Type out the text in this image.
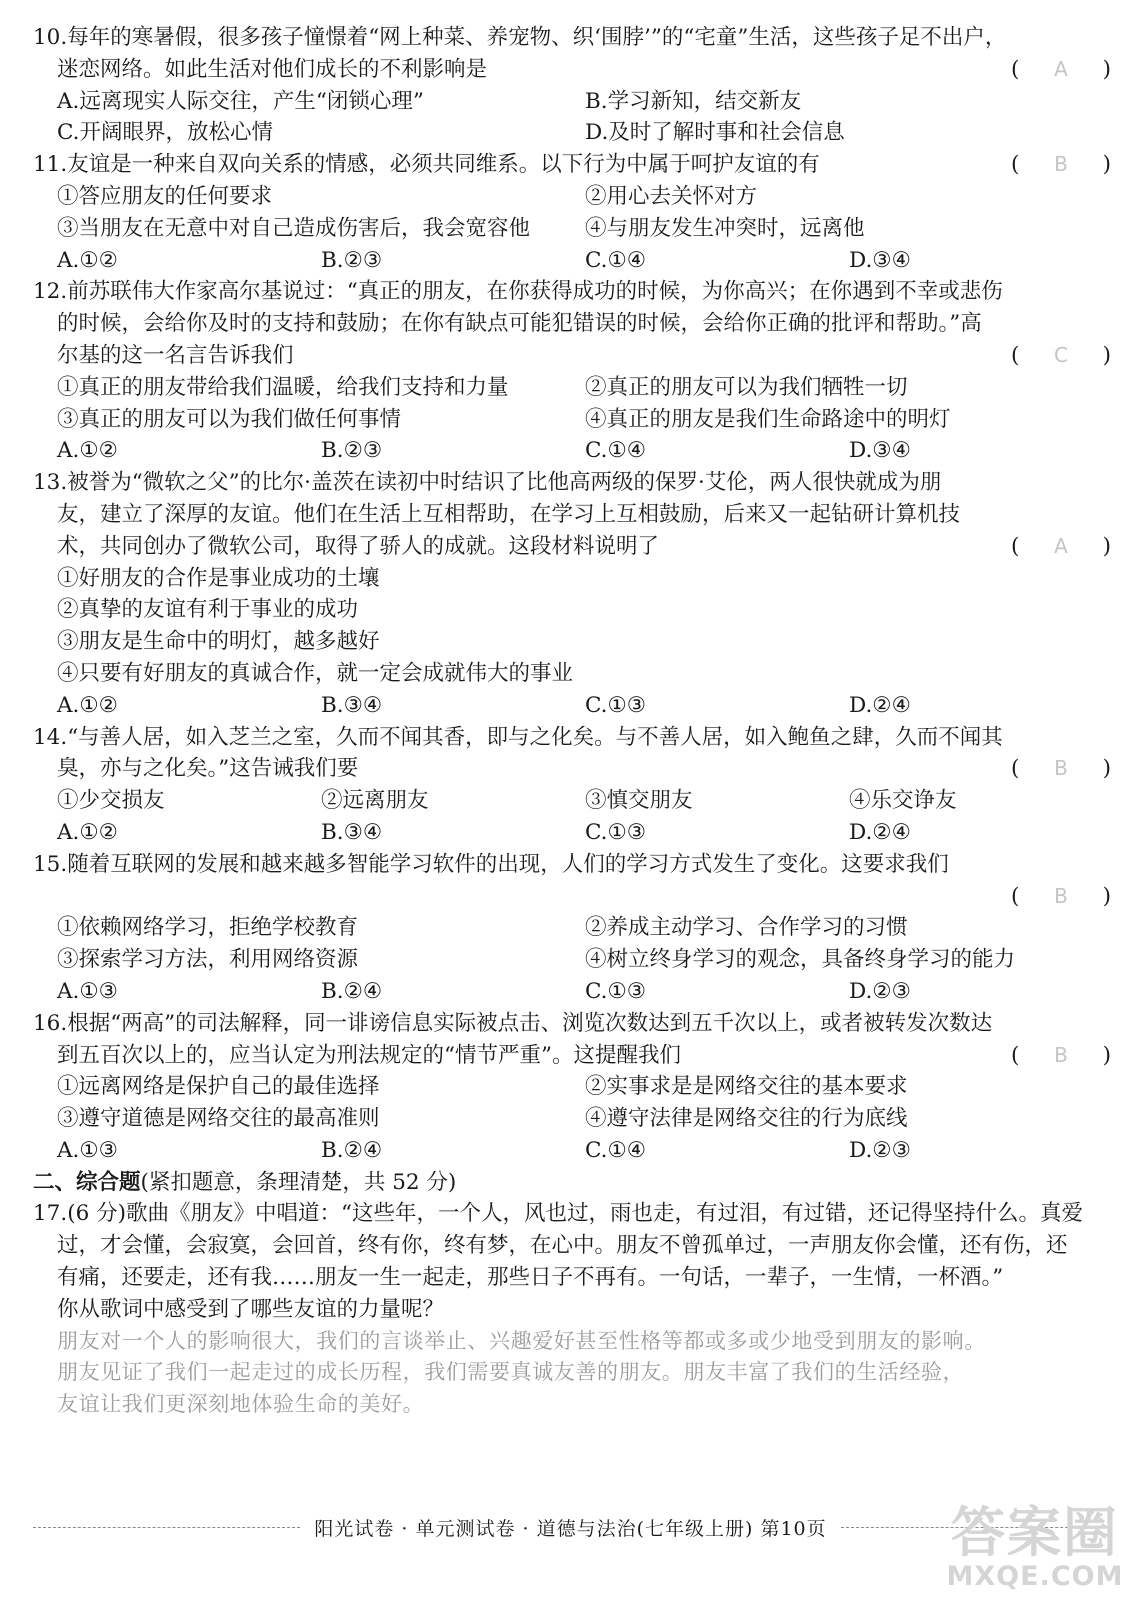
10.每年的寒暑假，很多孩子憧憬着“网上种菜、养宠物、织‘围脖’”的“宅童”生活，这些孩子足不出户，
迷恋网络。如此生活对他们成长的不利影响是	( A )
A.远离现实人际交往，产生“闭锁心理”	B.学习新知，结交新友
C.开阔眼界，放松心情	D.及时了解时事和社会信息
11.友谊是一种来自双向关系的情感，必须共同维系。以下行为中属于呵护友谊的有	( B )
①答应朋友的任何要求	②用心去关怀对方
③当朋友在无意中对自己造成伤害后，我会宽容他	④与朋友发生冲突时，远离他
A.①②	B.②③	C.①④	D.③④
12.前苏联伟大作家高尔基说过：“真正的朋友，在你获得成功的时候，为你高兴；在你遇到不幸或悲伤
的时候，会给你及时的支持和鼓励；在你有缺点可能犯错误的时候，会给你正确的批评和帮助。”高
尔基的这一名言告诉我们	( C )
①真正的朋友带给我们温暖，给我们支持和力量	②真正的朋友可以为我们牺牲一切
③真正的朋友可以为我们做任何事情	④真正的朋友是我们生命路途中的明灯
A.①②	B.②③	C.①④	D.③④
13.被誉为“微软之父”的比尔·盖茨在读初中时结识了比他高两级的保罗·艾伦，两人很快就成为朋
友，建立了深厚的友谊。他们在生活上互相帮助，在学习上互相鼓励，后来又一起钻研计算机技
术，共同创办了微软公司，取得了骄人的成就。这段材料说明了	( A )
①好朋友的合作是事业成功的土壤
②真挚的友谊有利于事业的成功
③朋友是生命中的明灯，越多越好
④只要有好朋友的真诚合作，就一定会成就伟大的事业
A.①②	B.③④	C.①③	D.②④
14.“与善人居，如入芝兰之室，久而不闻其香，即与之化矣。与不善人居，如入鲍鱼之肆，久而不闻其
臭，亦与之化矣。”这告诫我们要	( B )
①少交损友	②远离朋友	③慎交朋友	④乐交诤友
A.①②	B.③④	C.①③	D.②④
15.随着互联网的发展和越来越多智能学习软件的出现，人们的学习方式发生了变化。这要求我们
( B )
①依赖网络学习，拒绝学校教育	②养成主动学习、合作学习的习惯
③探索学习方法，利用网络资源	④树立终身学习的观念，具备终身学习的能力
A.①③	B.②④	C.①③	D.②③
16.根据“两高”的司法解释，同一诽谤信息实际被点击、浏览次数达到五千次以上，或者被转发次数达
到五百次以上的，应当认定为刑法规定的“情节严重”。这提醒我们	( B )
①远离网络是保护自己的最佳选择	②实事求是是网络交往的基本要求
③遵守道德是网络交往的最高准则	④遵守法律是网络交往的行为底线
A.①③	B.②④	C.①④	D.②③
二、综合题(紧扣题意，条理清楚，共 52 分)
17.(6 分)歌曲《朋友》中唱道：“这些年，一个人，风也过，雨也走，有过泪，有过错，还记得坚持什么。真爱
过，才会懂，会寂寞，会回首，终有你，终有梦，在心中。朋友不曾孤单过，一声朋友你会懂，还有伤，还
有痛，还要走，还有我……朋友一生一起走，那些日子不再有。一句话，一辈子，一生情，一杯酒。”
你从歌词中感受到了哪些友谊的力量呢？
朋友对一个人的影响很大，我们的言谈举止、兴趣爱好甚至性格等都或多或少地受到朋友的影响。
朋友见证了我们一起走过的成长历程，我们需要真诚友善的朋友。朋友丰富了我们的生活经验，
友谊让我们更深刻地体验生命的美好。
阳光试卷 · 单元测试卷 · 道德与法治(七年级上册) 第10页 答案圈
MXQE.COM
